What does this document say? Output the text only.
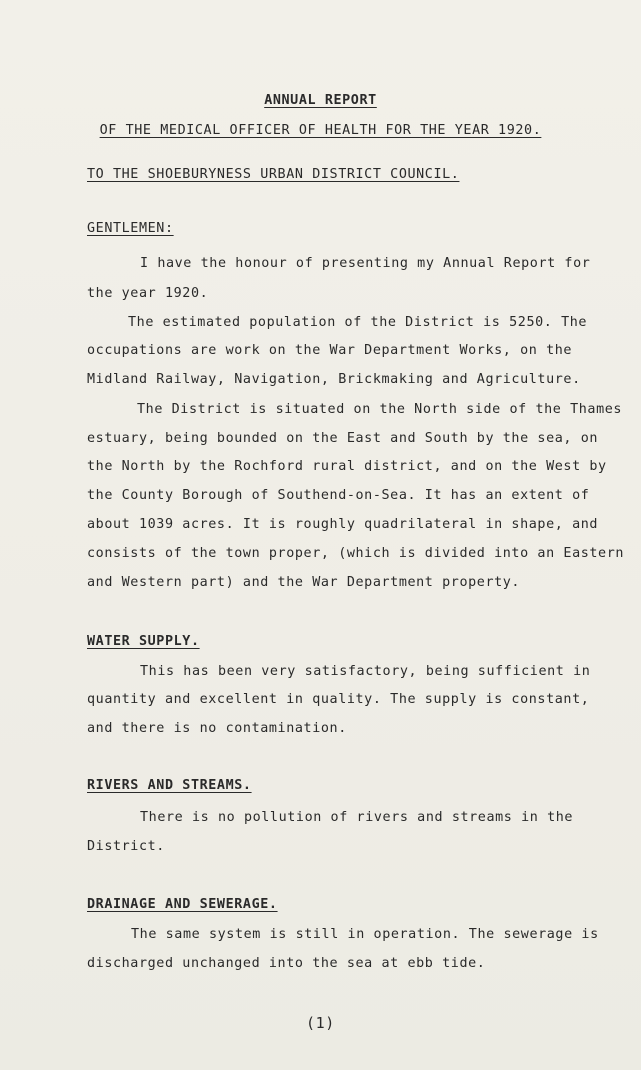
ANNUAL REPORT
OF THE MEDICAL OFFICER OF HEALTH FOR THE YEAR 1920.
TO THE SHOEBURYNESS URBAN DISTRICT COUNCIL.
GENTLEMEN:
I have the honour of presenting my Annual Report for
the year 1920.
The estimated population of the District is 5250. The
occupations are work on the War Department Works, on the
Midland Railway, Navigation, Brickmaking and Agriculture.
The District is situated on the North side of the Thames
estuary, being bounded on the East and South by the sea, on
the North by the Rochford rural district, and on the West by
the County Borough of Southend-on-Sea. It has an extent of
about 1039 acres. It is roughly quadrilateral in shape, and
consists of the town proper, (which is divided into an Eastern
and Western part) and the War Department property.
WATER SUPPLY.
This has been very satisfactory, being sufficient in
quantity and excellent in quality. The supply is constant,
and there is no contamination.
RIVERS AND STREAMS.
There is no pollution of rivers and streams in the
District.
DRAINAGE AND SEWERAGE.
The same system is still in operation. The sewerage is
discharged unchanged into the sea at ebb tide.
(1)
